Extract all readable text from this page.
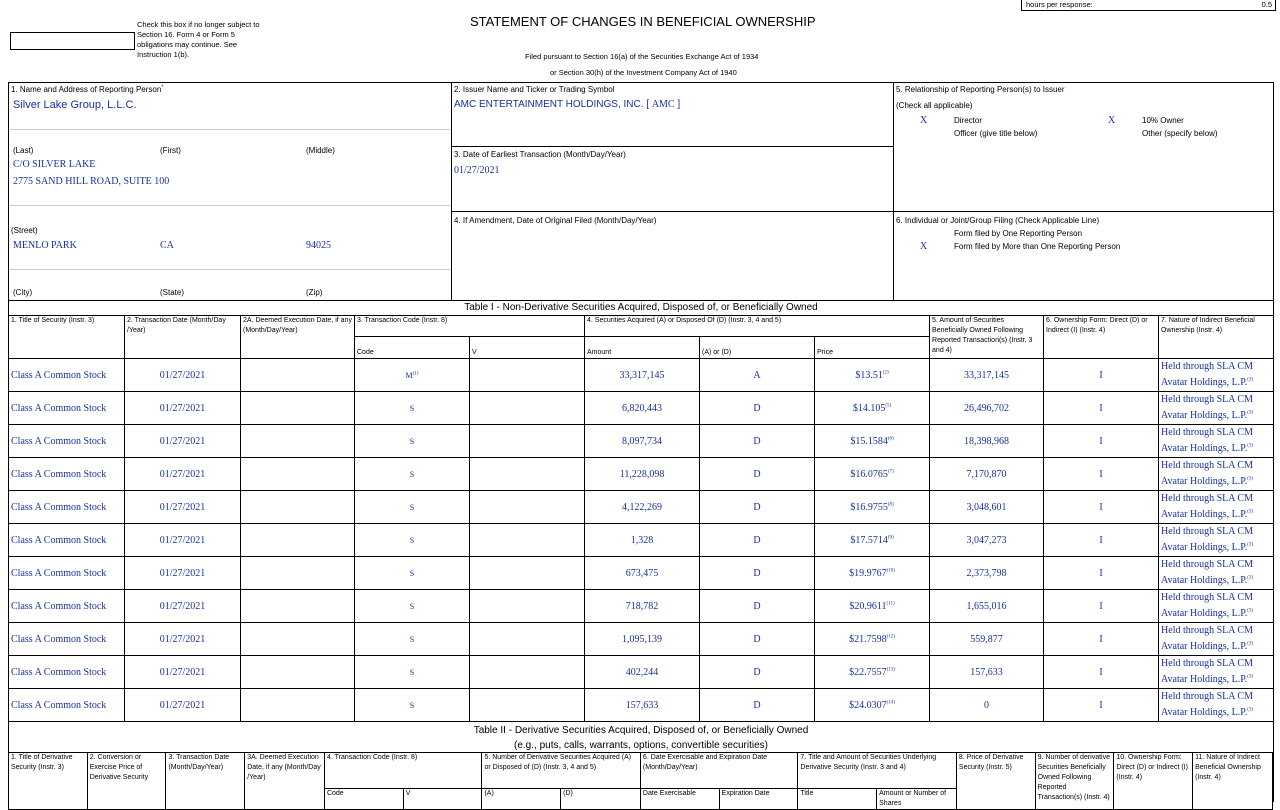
hours per response:	0.5
Check this box if no longer subject to Section 16. Form 4 or Form 5 obligations may continue. See Instruction 1(b).
STATEMENT OF CHANGES IN BENEFICIAL OWNERSHIP
Filed pursuant to Section 16(a) of the Securities Exchange Act of 1934
or Section 30(h) of the Investment Company Act of 1940
1. Name and Address of Reporting Person*
Silver Lake Group, L.L.C.
(Last)	(First)	(Middle)
C/O SILVER LAKE
2775 SAND HILL ROAD, SUITE 100
(Street)
MENLO PARK	CA	94025
(City)	(State)	(Zip)
2. Issuer Name and Ticker or Trading Symbol
AMC ENTERTAINMENT HOLDINGS, INC. [ AMC ]
3. Date of Earliest Transaction (Month/Day/Year)
01/27/2021
4. If Amendment, Date of Original Filed (Month/Day/Year)
5. Relationship of Reporting Person(s) to Issuer
(Check all applicable)
X	Director	X	10% Owner
Officer (give title below)	Other (specify below)
6. Individual or Joint/Group Filing (Check Applicable Line)
Form filed by One Reporting Person
X	Form filed by More than One Reporting Person
Table I - Non-Derivative Securities Acquired, Disposed of, or Beneficially Owned
1. Title of Security (Instr. 3)	2. Transaction Date (Month/Day /Year)	2A. Deemed Execution Date, if any (Month/Day/Year)	3. Transaction Code (Instr. 8)		4. Securities Acquired (A) or Disposed Of (D) (Instr. 3, 4 and 5)			5. Amount of Securities Beneficially Owned Following Reported Transaction(s) (Instr. 3 and 4)	6. Ownership Form: Direct (D) or Indirect (I) (Instr. 4)	7. Nature of Indirect Beneficial Ownership (Instr. 4)
			Code	V	Amount	(A) or (D)	Price			
Class A Common Stock	01/27/2021		$M^{(1)}$		33,317,145	A	$13.51$^{(2)}$	33,317,145	I	Held through SLA CM
Avatar Holdings, L.P.$^{(3)}$
Class A Common Stock	01/27/2021		S		6,820,443	D	$14.105$^{(5)}$	26,496,702	I	Held through SLA CM
Avatar Holdings, L.P.$^{(3)}$
Class A Common Stock	01/27/2021		S		8,097,734	D	$15.1584$^{(6)}$	18,398,968	I	Held through SLA CM
Avatar Holdings, L.P.$^{(3)}$
Class A Common Stock	01/27/2021		S		11,228,098	D	$16.0765$^{(7)}$	7,170,870	I	Held through SLA CM
Avatar Holdings, L.P.$^{(3)}$
Class A Common Stock	01/27/2021		S		4,122,269	D	$16.9755$^{(8)}$	3,048,601	I	Held through SLA CM
Avatar Holdings, L.P.$^{(3)}$
Class A Common Stock	01/27/2021		S		1,328	D	$17.5714$^{(9)}$	3,047,273	I	Held through SLA CM
Avatar Holdings, L.P.$^{(3)}$
Class A Common Stock	01/27/2021		S		673,475	D	$19.9767$^{(10)}$	2,373,798	I	Held through SLA CM
Avatar Holdings, L.P.$^{(3)}$
Class A Common Stock	01/27/2021		S		718,782	D	$20.9611$^{(11)}$	1,655,016	I	Held through SLA CM
Avatar Holdings, L.P.$^{(3)}$
Class A Common Stock	01/27/2021		S		1,095,139	D	$21.7598$^{(12)}$	559,877	I	Held through SLA CM
Avatar Holdings, L.P.$^{(3)}$
Class A Common Stock	01/27/2021		S		402,244	D	$22.7557$^{(13)}$	157,633	I	Held through SLA CM
Avatar Holdings, L.P.$^{(3)}$
Class A Common Stock	01/27/2021		S		157,633	D	$24.0307$^{(14)}$	0	I	Held through SLA CM
Avatar Holdings, L.P.$^{(3)}$
Table II - Derivative Securities Acquired, Disposed of, or Beneficially Owned
(e.g., puts, calls, warrants, options, convertible securities)
1. Title of Derivative Security (Instr. 3)	2. Conversion or Exercise Price of Derivative Security	3. Transaction Date (Month/Day/Year)	3A. Deemed Execution Date, if any (Month/Day /Year)	4. Transaction Code (Instr. 8)		5. Number of Derivative Securities Acquired (A) or Disposed of (D) (Instr. 3, 4 and 5)		6. Date Exercisable and Expiration Date (Month/Day/Year)		7. Title and Amount of Securities Underlying Derivative Security (Instr. 3 and 4)		8. Price of Derivative Security (Instr. 5)	9. Number of derivative Securities Beneficially Owned Following Reported Transaction(s) (Instr. 4)	10. Ownership Form: Direct (D) or Indirect (I) (Instr. 4)	11. Nature of Indirect Beneficial Ownership (Instr. 4)
				Code	V	(A)	(D)	Date Exercisable	Expiration Date	Title	Amount or Number of Shares				
